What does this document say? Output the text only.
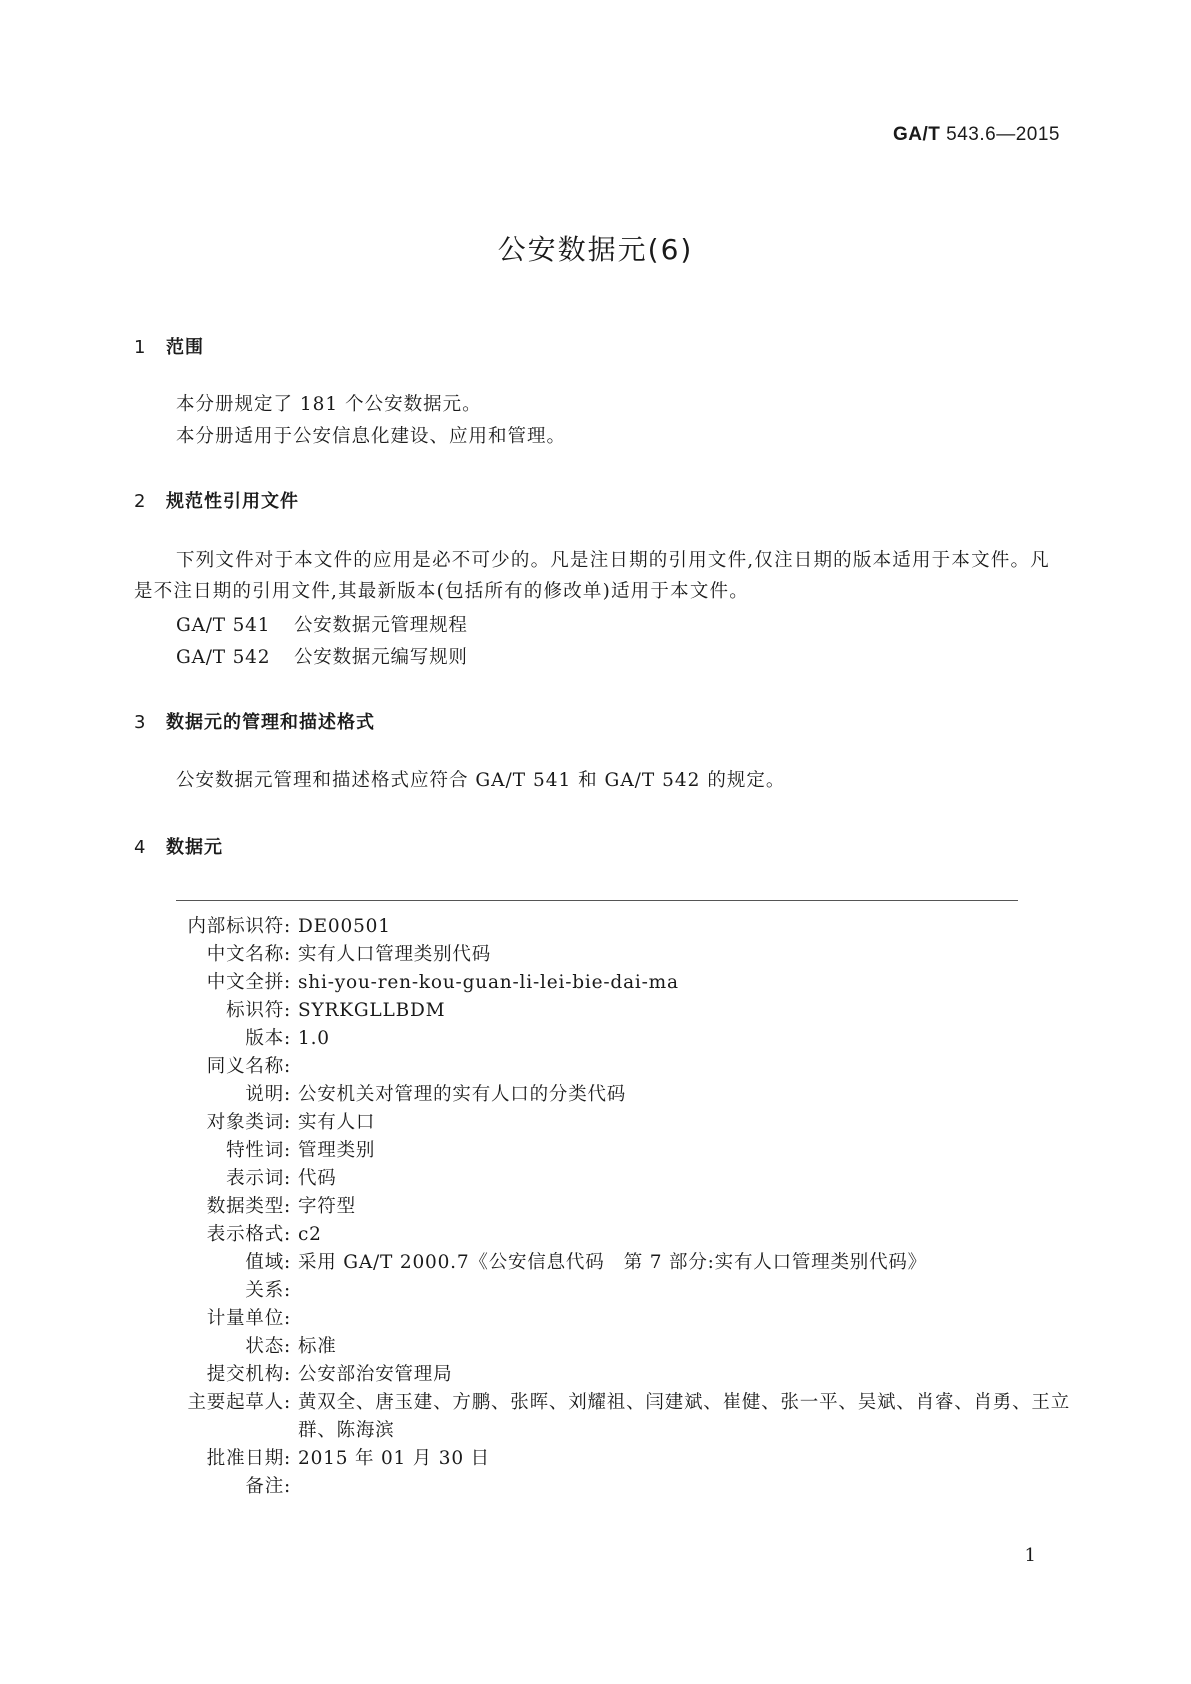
GA/T 543.6—2015
公安数据元(6)
1 范围
本分册规定了 181 个公安数据元。
本分册适用于公安信息化建设、应用和管理。
2 规范性引用文件
下列文件对于本文件的应用是必不可少的。凡是注日期的引用文件,仅注日期的版本适用于本文件。凡是不注日期的引用文件,其最新版本(包括所有的修改单)适用于本文件。
GA/T 541 公安数据元管理规程
GA/T 542 公安数据元编写规则
3 数据元的管理和描述格式
公安数据元管理和描述格式应符合 GA/T 541 和 GA/T 542 的规定。
4 数据元
内部标识符 : DE00501
中文名称 : 实有人口管理类别代码
中文全拼 : shi-you-ren-kou-guan-li-lei-bie-dai-ma
标识符 : SYRKGLLBDM
版本 : 1.0
同义名称 :
说明 : 公安机关对管理的实有人口的分类代码
对象类词 : 实有人口
特性词 : 管理类别
表示词 : 代码
数据类型 : 字符型
表示格式 : c2
值域 : 采用 GA/T 2000.7《公安信息代码　第 7 部分:实有人口管理类别代码》
关系 :
计量单位 :
状态 : 标准
提交机构 : 公安部治安管理局
主要起草人 : 黄双全、唐玉建、方鹏、张晖、刘耀祖、闫建斌、崔健、张一平、吴斌、肖睿、肖勇、王立群、陈海滨
批准日期 : 2015 年 01 月 30 日
备注 :
1
